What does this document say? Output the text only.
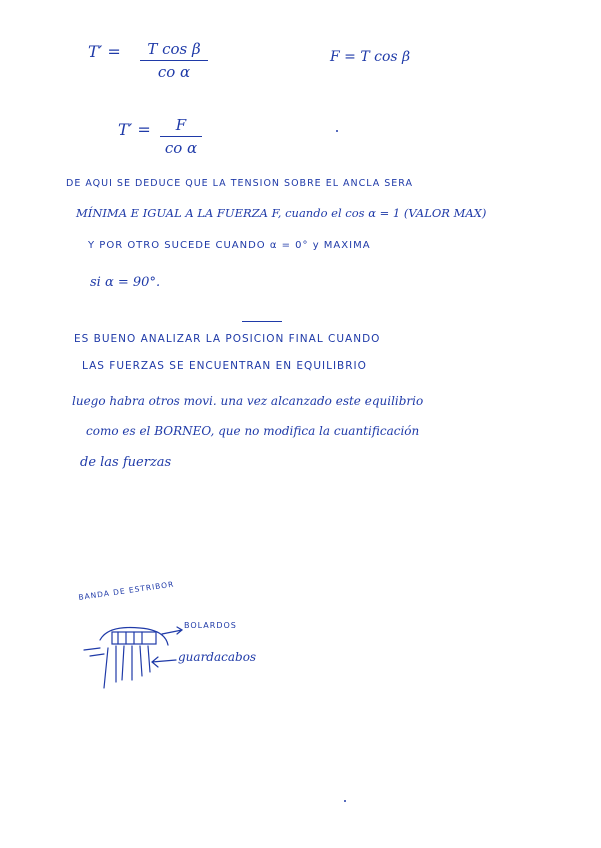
T′ =	T cos β
co α
F = T cos β
T′ =	F
co α
DE AQUI SE DEDUCE QUE LA TENSION SOBRE EL ANCLA SERA
MÍNIMA E IGUAL A LA FUERZA F, cuando el cos α = 1 (VALOR MAX)
Y POR OTRO SUCEDE CUANDO α = 0° y MAXIMA
si α = 90°.
ES BUENO ANALIZAR LA POSICION FINAL CUANDO
LAS FUERZAS SE ENCUENTRAN EN EQUILIBRIO
luego habra otros movi. una vez alcanzado este equilibrio
como es el BORNEO, que no modifica la cuantificación
de las fuerzas
BANDA DE ESTRIBOR
BOLARDOS
guardacabos
